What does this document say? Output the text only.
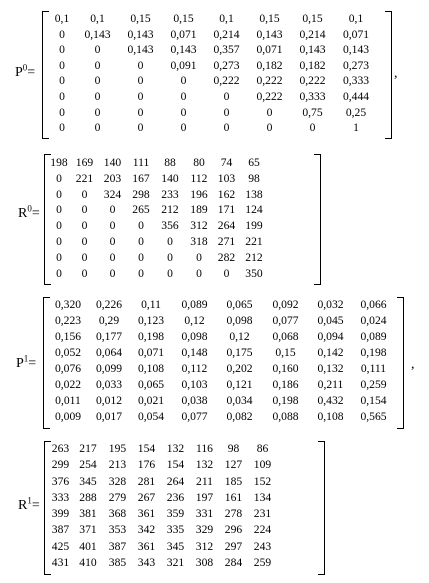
$P^0=$
0,1	0,1	0,15	0,15	0,1	0,15	0,15	0,1
0	0,143	0,143	0,071	0,214	0,143	0,214	0,071
0	0	0,143	0,143	0,357	0,071	0,143	0,143
0	0	0	0,091	0,273	0,182	0,182	0,273
0	0	0	0	0,222	0,222	0,222	0,333
0	0	0	0	0	0,222	0,333	0,444
0	0	0	0	0	0	0,75	0,25
0	0	0	0	0	0	0	1
,
$R^0=$
198 169 140 111	88	80	74	65
0	221 203 167	140	112 103	98
0	0	324 298	233	196 162 138
0	0	0	265	212	189 171 124
0	0	0	0	356	312 264 199
0	0	0	0	0	318 271 221
0	0	0	0	0	0	282 212
0	0	0	0	0	0	0	350
$P^1=$
0,320	0,226	0,11	0,089	0,065	0,092	0,032	0,066
0,223	0,29	0,123	0,12	0,098	0,077	0,045	0,024
0,156	0,177	0,198	0,098	0,12	0,068	0,094	0,089
0,052	0,064	0,071	0,148	0,175	0,15	0,142	0,198
0,076	0,099	0,108	0,112	0,202	0,160	0,132	0,111
0,022	0,033	0,065	0,103	0,121	0,186	0,211	0,259
0,011	0,012	0,021	0,038	0,034	0,198	0,432	0,154
0,009	0,017	0,054	0,077	0,082	0,088	0,108	0,565
,
$R^1=$
263 217	195	154	132	116	98	86
299 254	213	176	154	132	127	109
376 345	328	281	264	211	185	152
333 288	279	267	236	197	161	134
399 381	368	361	359	331	278	231
387 371	353	342	335	329	296	224
425 401	387	361	345	312	297	243
431 410	385	343	321	308	284	259
